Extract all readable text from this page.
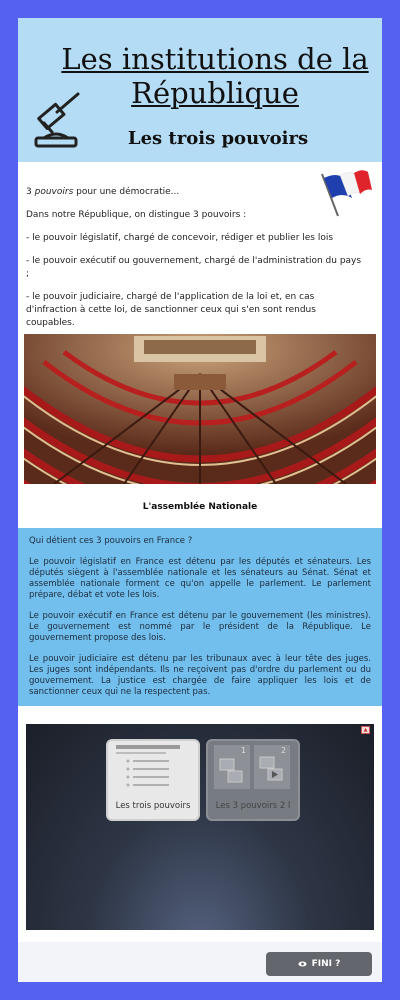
Les institutions de la République
Les trois pouvoirs

3 pouvoirs pour une démocratie...

Dans notre République, on distingue 3 pouvoirs :

- le pouvoir législatif, chargé de concevoir, rédiger et publier les lois

- le pouvoir exécutif ou gouvernement, chargé de l'administration du pays ;

- le pouvoir judiciaire, chargé de l'application de la loi et, en cas d'infraction à cette loi, de sanctionner ceux qui s'en sont rendus coupables.

L'assemblée Nationale

Qui détient ces 3 pouvoirs en France ?

Le pouvoir législatif en France est détenu par les députés et sénateurs. Les députés siègent à l'assemblée nationale et les sénateurs au Sénat. Sénat et assemblée nationale forment ce qu'on appelle le parlement. Le parlement prépare, débat et vote les lois.

Le pouvoir exécutif en France est détenu par le gouvernement (les ministres). Le gouvernement est nommé par le président de la République. Le gouvernement propose des lois.

Le pouvoir judiciaire est détenu par les tribunaux avec à leur tête des juges. Les juges sont indépendants. Ils ne reçoivent pas d'ordre du parlement ou du gouvernement. La justice est chargée de faire appliquer les lois et de sanctionner ceux qui ne la respectent pas.

▲
Les trois pouvoirs
1	2
Les 3 pouvoirs 2 l
FINI ?
